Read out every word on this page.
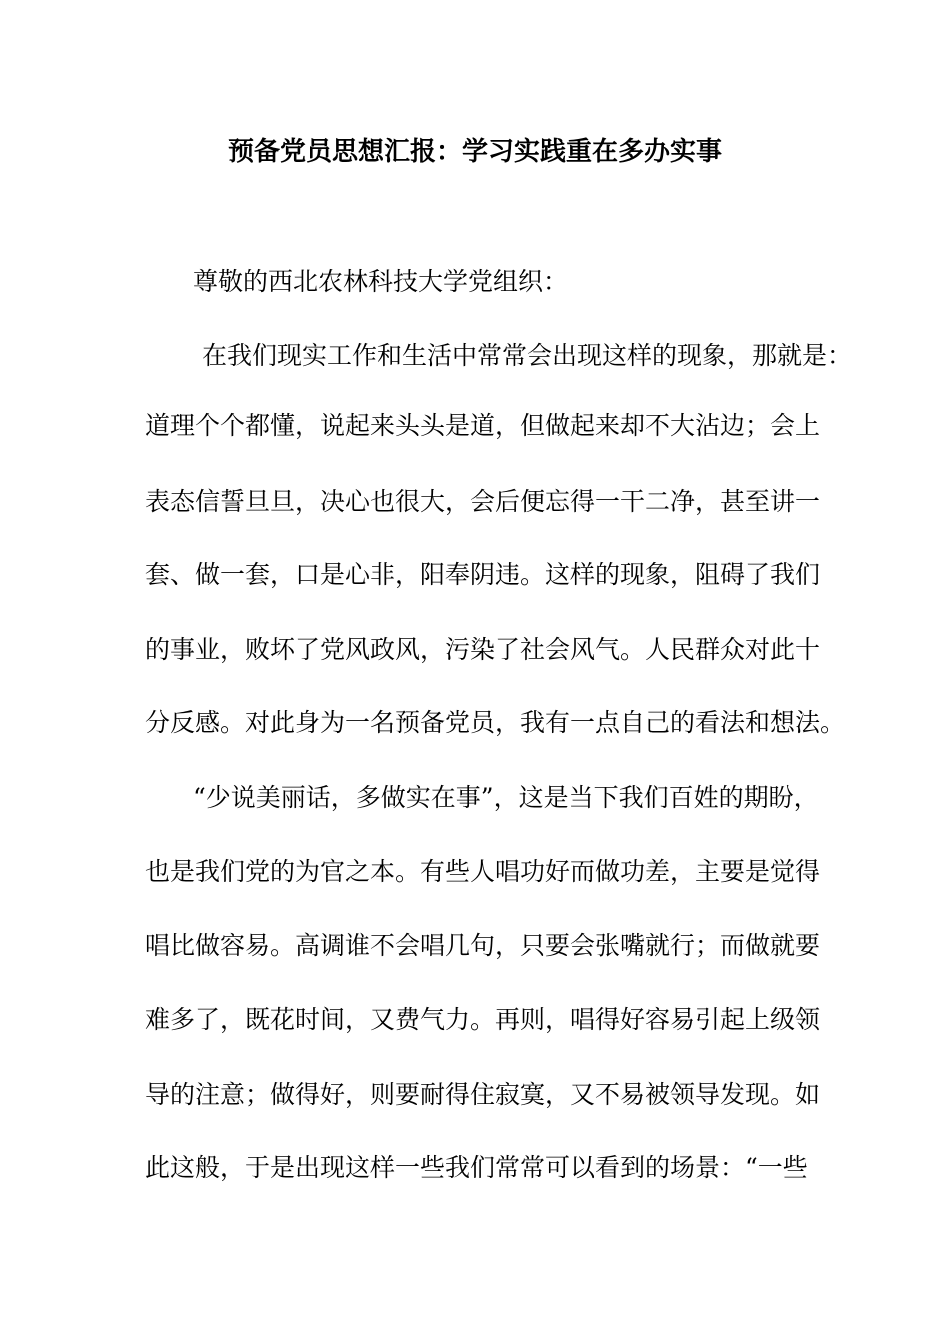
预备党员思想汇报：学习实践重在多办实事
尊敬的西北农林科技大学党组织：
在我们现实工作和生活中常常会出现这样的现象，那就是：
道理个个都懂，说起来头头是道，但做起来却不大沾边；会上
表态信誓旦旦，决心也很大，会后便忘得一干二净，甚至讲一
套、做一套，口是心非，阳奉阴违。这样的现象，阻碍了我们
的事业，败坏了党风政风，污染了社会风气。人民群众对此十
分反感。对此身为一名预备党员，我有一点自己的看法和想法。
“少说美丽话，多做实在事”，这是当下我们百姓的期盼，
也是我们党的为官之本。有些人唱功好而做功差，主要是觉得
唱比做容易。高调谁不会唱几句，只要会张嘴就行；而做就要
难多了，既花时间，又费气力。再则，唱得好容易引起上级领
导的注意；做得好，则要耐得住寂寞，又不易被领导发现。如
此这般，于是出现这样一些我们常常可以看到的场景：“一些
